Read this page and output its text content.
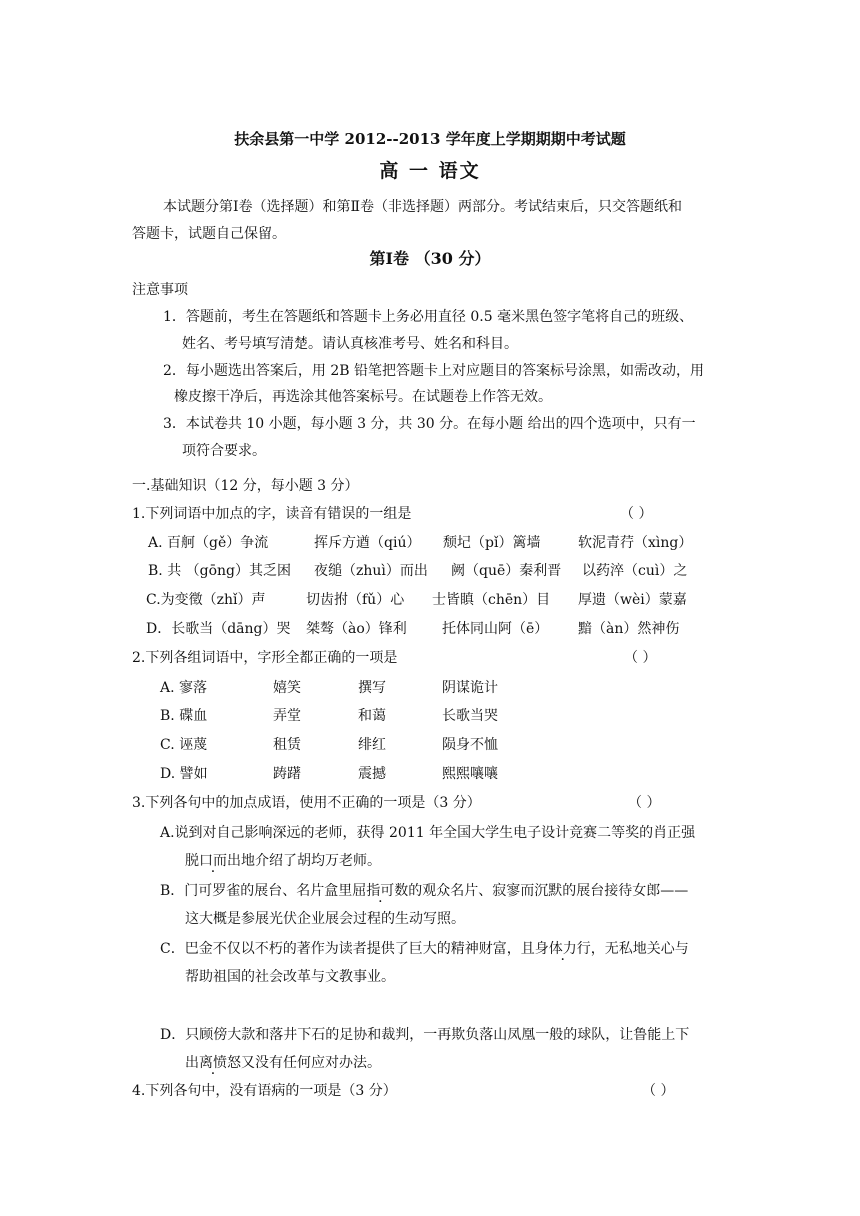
扶余县第一中学 2012--2013 学年度上学期期期中考试题
高 一 语文
本试题分第Ⅰ卷（选择题）和第Ⅱ卷（非选择题）两部分。考试结束后，只交答题纸和
答题卡，试题自己保留。
第Ⅰ卷 （30 分）
注意事项
1．答题前，考生在答题纸和答题卡上务必用直径 0.5 毫米黑色签字笔将自己的班级、
姓名、考号填写清楚。请认真核准考号、姓名和科目。
2．每小题选出答案后，用 2B 铅笔把答题卡上对应题目的答案标号涂黑，如需改动，用
橡皮擦干净后，再选涂其他答案标号。在试题卷上作答无效。
3．本试卷共 10 小题，每小题 3 分，共 30 分。在每小题 给出的四个选项中，只有一
项符合要求。
一.基础知识（12 分，每小题 3 分）
1.下列词语中加点的字，读音有错误的一组是	（ ）
A. 百舸（gě）争流	挥斥方遒（qiú） 颓圮（pǐ）篱墙	软泥青荇（xìng）
B. 共 （gōng）其乏困 夜缒（zhuì）而出 阙（quē）秦利晋 以药淬（cuì）之
C.为变徵（zhǐ）声	切齿拊（fǔ）心 士皆瞋（chēn）目 厚遗（wèi）蒙嘉
D．长歌当（dāng）哭 桀骜（ào）锋利	托体同山阿（ē） 黯（àn）然神伤
2.下列各组词语中，字形全都正确的一项是	（ ）
A. 寥落	嬉笑	撰写	阴谋诡计
B. 碟血	弄堂	和蔼	长歌当哭
C. 诬蔑	租赁	绯红	陨身不恤
D. 譬如	踌躇	震撼	熙熙嚷嚷
3.下列各句中的加点成语，使用不正确的一项是（3 分）	（ ）
A.说到对自己影响深远的老师，获得 2011 年全国大学生电子设计竞赛二等奖的肖正强
脱口而出地介绍了胡均万老师。
B．门可罗雀的展台、名片盒里屈指可数的观众名片、寂寥而沉默的展台接待女郎——
这大概是参展光伏企业展会过程的生动写照。
C．巴金不仅以不朽的著作为读者提供了巨大的精神财富，且身体力行，无私地关心与
帮助祖国的社会改革与文教事业。
D．只顾傍大款和落井下石的足协和裁判，一再欺负落山凤凰一般的球队，让鲁能上下
出离愤怒又没有任何应对办法。
4.下列各句中，没有语病的一项是（3 分）	（ ）
